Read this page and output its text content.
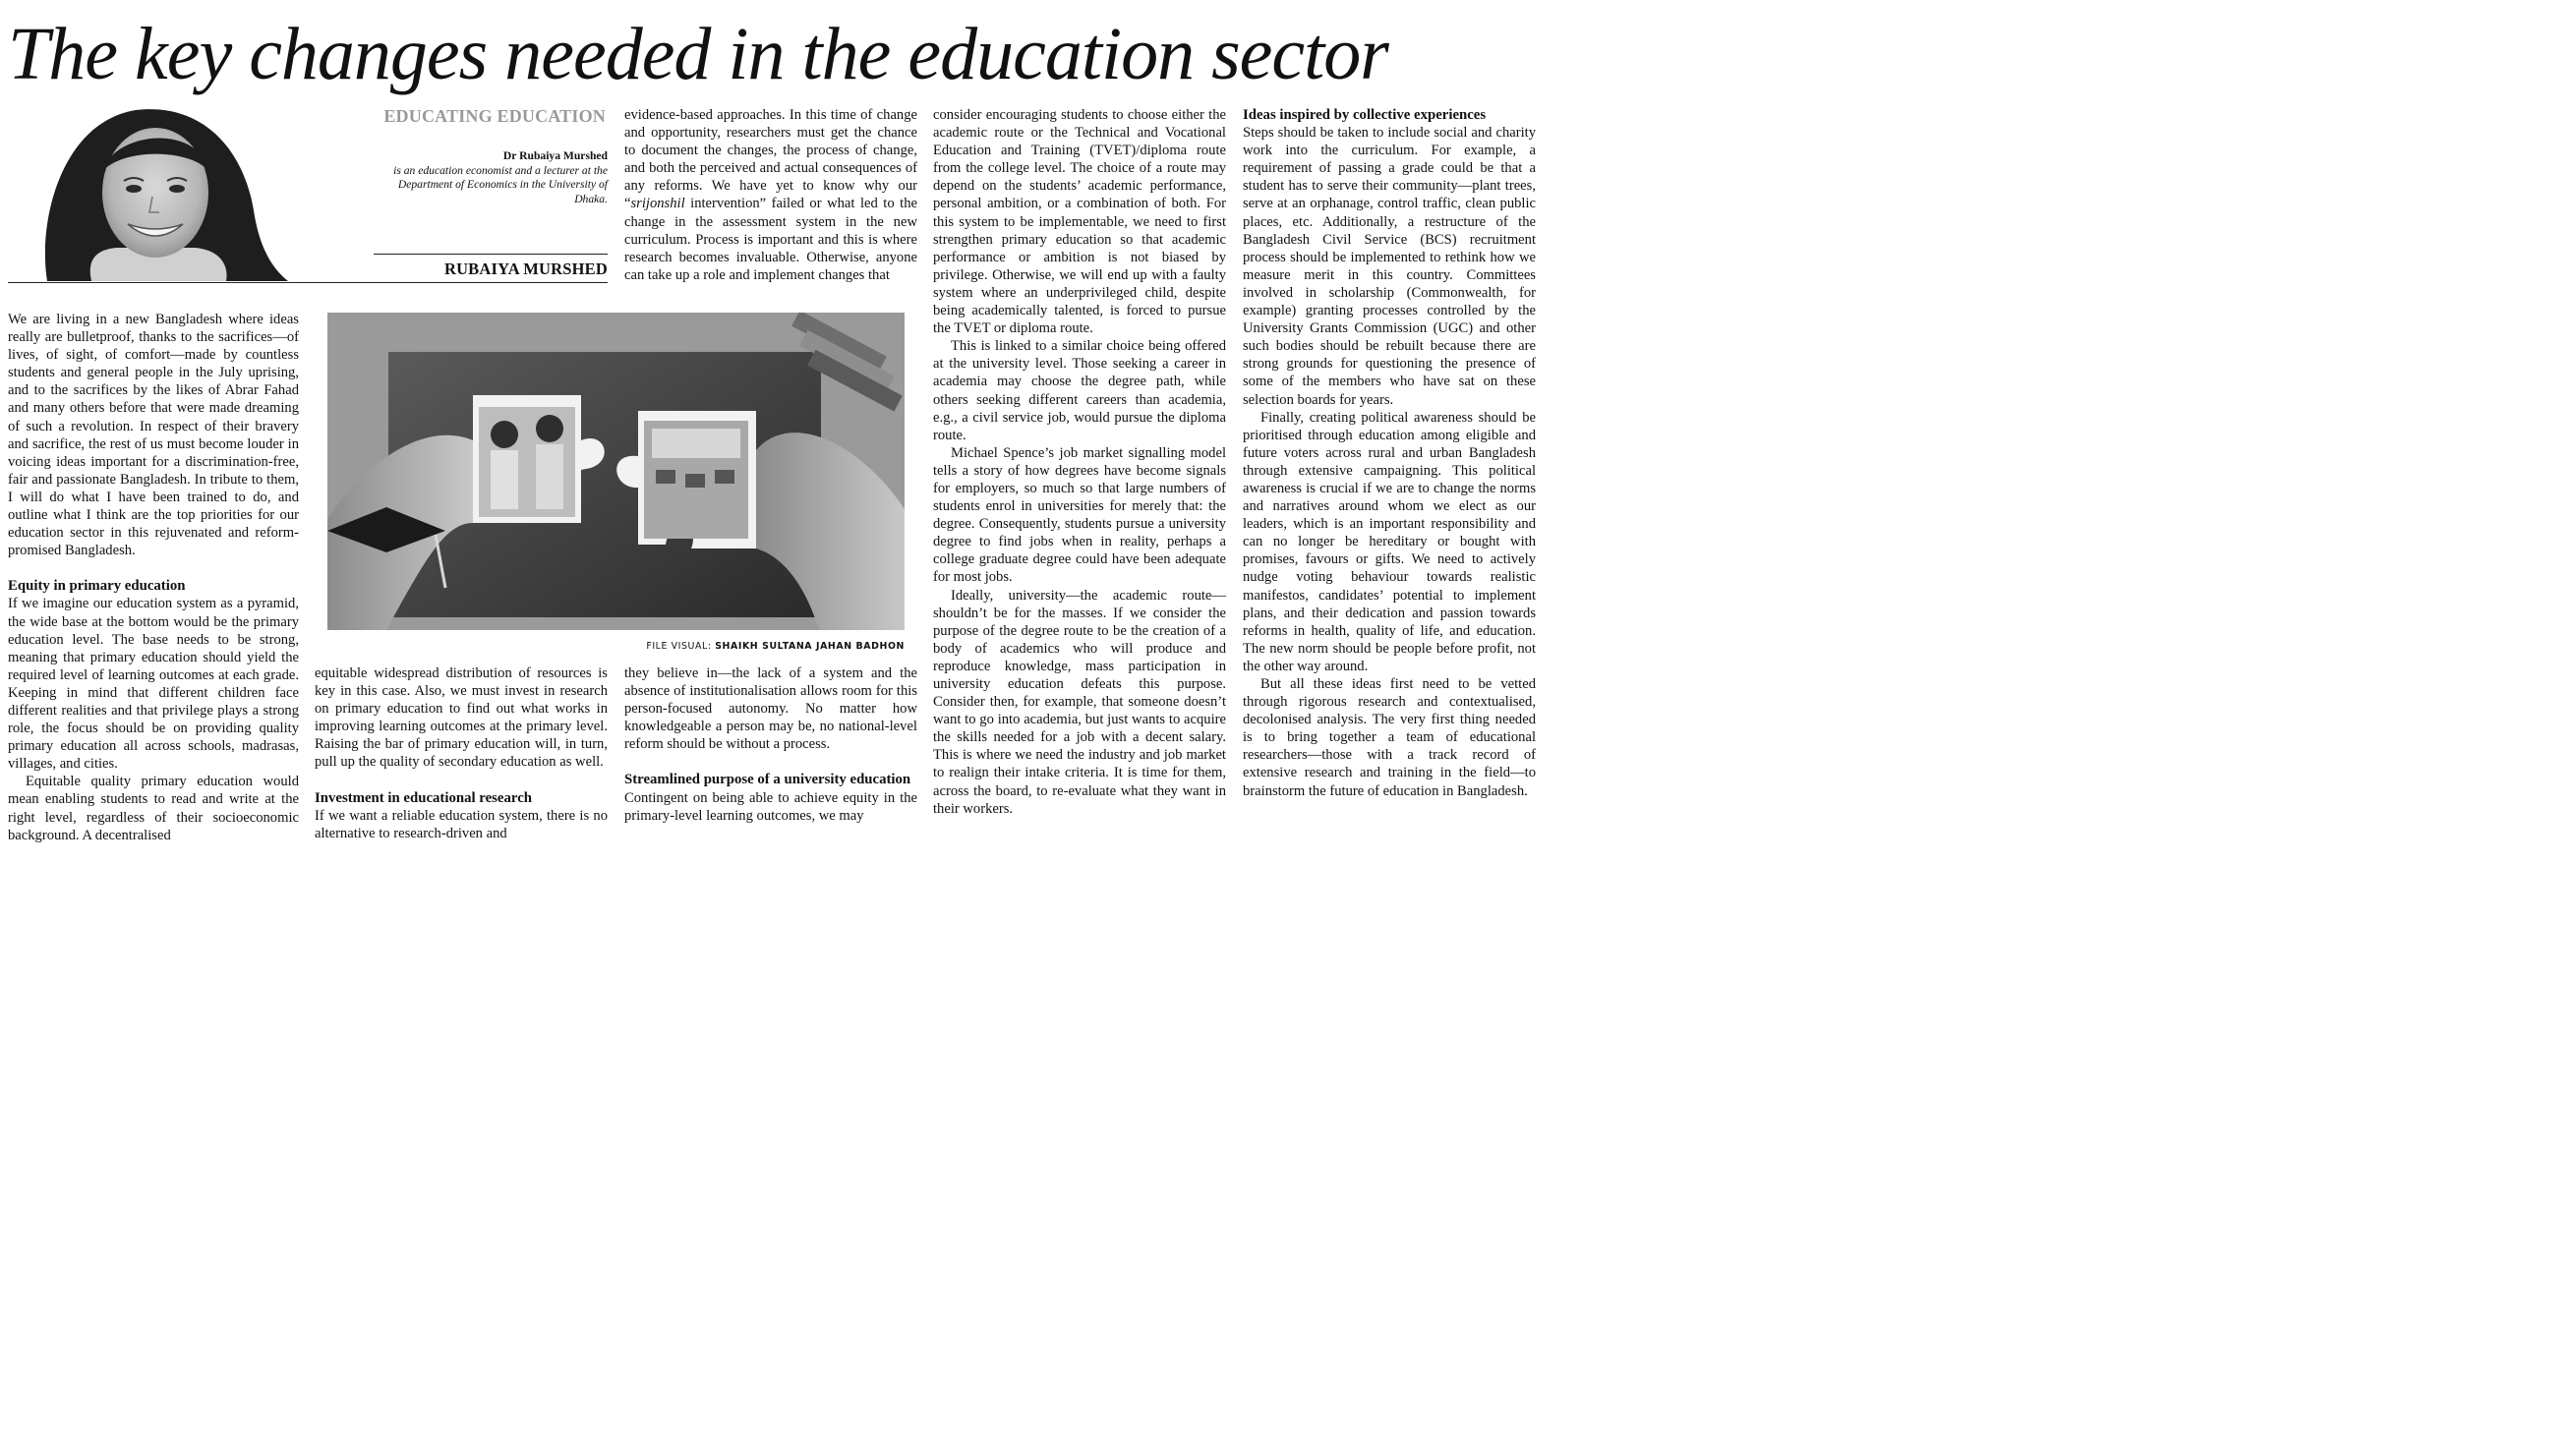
The key changes needed in the education sector
EDUCATING EDUCATION
Dr Rubaiya Murshed
is an education economist and a lecturer at the Department of Economics in the University of Dhaka.
RUBAIYA MURSHED

We are living in a new Bangladesh where ideas really are bulletproof, thanks to the sacrifices—of lives, of sight, of comfort—made by countless students and general people in the July uprising, and to the sacrifices by the likes of Abrar Fahad and many others before that were made dreaming of such a revolution. In respect of their bravery and sacrifice, the rest of us must become louder in voicing ideas important for a discrimination-free, fair and passionate Bangladesh. In tribute to them, I will do what I have been trained to do, and outline what I think are the top priorities for our education sector in this rejuvenated and reform-promised Bangladesh.

Equity in primary education

If we imagine our education system as a pyramid, the wide base at the bottom would be the primary education level. The base needs to be strong, meaning that primary education should yield the required level of learning outcomes at each grade. Keeping in mind that different children face different realities and that privilege plays a strong role, the focus should be on providing quality primary education all across schools, madrasas, villages, and cities.

Equitable quality primary education would mean enabling students to read and write at the right level, regardless of their socioeconomic background. A decentralised

FILE VISUAL: SHAIKH SULTANA JAHAN BADHON

equitable widespread distribution of resources is key in this case. Also, we must invest in research on primary education to find out what works in improving learning outcomes at the primary level. Raising the bar of primary education will, in turn, pull up the quality of secondary education as well.

Investment in educational research

If we want a reliable education system, there is no alternative to research-driven and

evidence-based approaches. In this time of change and opportunity, researchers must get the chance to document the changes, the process of change, and both the perceived and actual consequences of any reforms. We have yet to know why our “srijonshil intervention” failed or what led to the change in the assessment system in the new curriculum. Process is important and this is where research becomes invaluable. Otherwise, anyone can take up a role and implement changes that

they believe in—the lack of a system and the absence of institutionalisation allows room for this person-focused autonomy. No matter how knowledgeable a person may be, no national-level reform should be without a process.

Streamlined purpose of a university education

Contingent on being able to achieve equity in the primary-level learning outcomes, we may

consider encouraging students to choose either the academic route or the Technical and Vocational Education and Training (TVET)/diploma route from the college level. The choice of a route may depend on the students’ academic performance, personal ambition, or a combination of both. For this system to be implementable, we need to first strengthen primary education so that academic performance or ambition is not biased by privilege. Otherwise, we will end up with a faulty system where an underprivileged child, despite being academically talented, is forced to pursue the TVET or diploma route.

This is linked to a similar choice being offered at the university level. Those seeking a career in academia may choose the degree path, while others seeking different careers than academia, e.g., a civil service job, would pursue the diploma route.

Michael Spence’s job market signalling model tells a story of how degrees have become signals for employers, so much so that large numbers of students enrol in universities for merely that: the degree. Consequently, students pursue a university degree to find jobs when in reality, perhaps a college graduate degree could have been adequate for most jobs.

Ideally, university—the academic route—shouldn’t be for the masses. If we consider the purpose of the degree route to be the creation of a body of academics who will produce and reproduce knowledge, mass participation in university education defeats this purpose. Consider then, for example, that someone doesn’t want to go into academia, but just wants to acquire the skills needed for a job with a decent salary. This is where we need the industry and job market to realign their intake criteria. It is time for them, across the board, to re-evaluate what they want in their workers.

Ideas inspired by collective experiences

Steps should be taken to include social and charity work into the curriculum. For example, a requirement of passing a grade could be that a student has to serve their community—plant trees, serve at an orphanage, control traffic, clean public places, etc. Additionally, a restructure of the Bangladesh Civil Service (BCS) recruitment process should be implemented to rethink how we measure merit in this country. Committees involved in scholarship (Commonwealth, for example) granting processes controlled by the University Grants Commission (UGC) and other such bodies should be rebuilt because there are strong grounds for questioning the presence of some of the members who have sat on these selection boards for years.

Finally, creating political awareness should be prioritised through education among eligible and future voters across rural and urban Bangladesh through extensive campaigning. This political awareness is crucial if we are to change the norms and narratives around whom we elect as our leaders, which is an important responsibility and can no longer be hereditary or bought with promises, favours or gifts. We need to actively nudge voting behaviour towards realistic manifestos, candidates’ potential to implement plans, and their dedication and passion towards reforms in health, quality of life, and education. The new norm should be people before profit, not the other way around.

But all these ideas first need to be vetted through rigorous research and contextualised, decolonised analysis. The very first thing needed is to bring together a team of educational researchers—those with a track record of extensive research and training in the field—to brainstorm the future of education in Bangladesh.
